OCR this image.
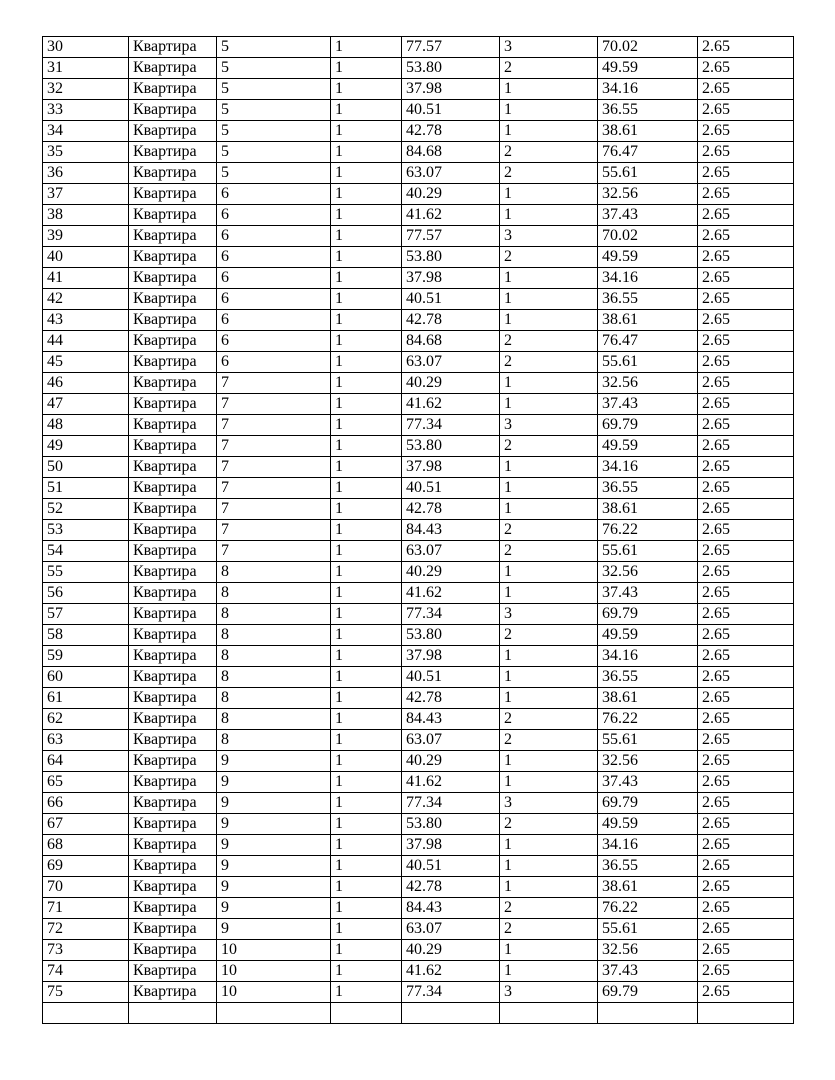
30	Квартира	5	1	77.57	3	70.02	2.65
31	Квартира	5	1	53.80	2	49.59	2.65
32	Квартира	5	1	37.98	1	34.16	2.65
33	Квартира	5	1	40.51	1	36.55	2.65
34	Квартира	5	1	42.78	1	38.61	2.65
35	Квартира	5	1	84.68	2	76.47	2.65
36	Квартира	5	1	63.07	2	55.61	2.65
37	Квартира	6	1	40.29	1	32.56	2.65
38	Квартира	6	1	41.62	1	37.43	2.65
39	Квартира	6	1	77.57	3	70.02	2.65
40	Квартира	6	1	53.80	2	49.59	2.65
41	Квартира	6	1	37.98	1	34.16	2.65
42	Квартира	6	1	40.51	1	36.55	2.65
43	Квартира	6	1	42.78	1	38.61	2.65
44	Квартира	6	1	84.68	2	76.47	2.65
45	Квартира	6	1	63.07	2	55.61	2.65
46	Квартира	7	1	40.29	1	32.56	2.65
47	Квартира	7	1	41.62	1	37.43	2.65
48	Квартира	7	1	77.34	3	69.79	2.65
49	Квартира	7	1	53.80	2	49.59	2.65
50	Квартира	7	1	37.98	1	34.16	2.65
51	Квартира	7	1	40.51	1	36.55	2.65
52	Квартира	7	1	42.78	1	38.61	2.65
53	Квартира	7	1	84.43	2	76.22	2.65
54	Квартира	7	1	63.07	2	55.61	2.65
55	Квартира	8	1	40.29	1	32.56	2.65
56	Квартира	8	1	41.62	1	37.43	2.65
57	Квартира	8	1	77.34	3	69.79	2.65
58	Квартира	8	1	53.80	2	49.59	2.65
59	Квартира	8	1	37.98	1	34.16	2.65
60	Квартира	8	1	40.51	1	36.55	2.65
61	Квартира	8	1	42.78	1	38.61	2.65
62	Квартира	8	1	84.43	2	76.22	2.65
63	Квартира	8	1	63.07	2	55.61	2.65
64	Квартира	9	1	40.29	1	32.56	2.65
65	Квартира	9	1	41.62	1	37.43	2.65
66	Квартира	9	1	77.34	3	69.79	2.65
67	Квартира	9	1	53.80	2	49.59	2.65
68	Квартира	9	1	37.98	1	34.16	2.65
69	Квартира	9	1	40.51	1	36.55	2.65
70	Квартира	9	1	42.78	1	38.61	2.65
71	Квартира	9	1	84.43	2	76.22	2.65
72	Квартира	9	1	63.07	2	55.61	2.65
73	Квартира	10	1	40.29	1	32.56	2.65
74	Квартира	10	1	41.62	1	37.43	2.65
75	Квартира	10	1	77.34	3	69.79	2.65
